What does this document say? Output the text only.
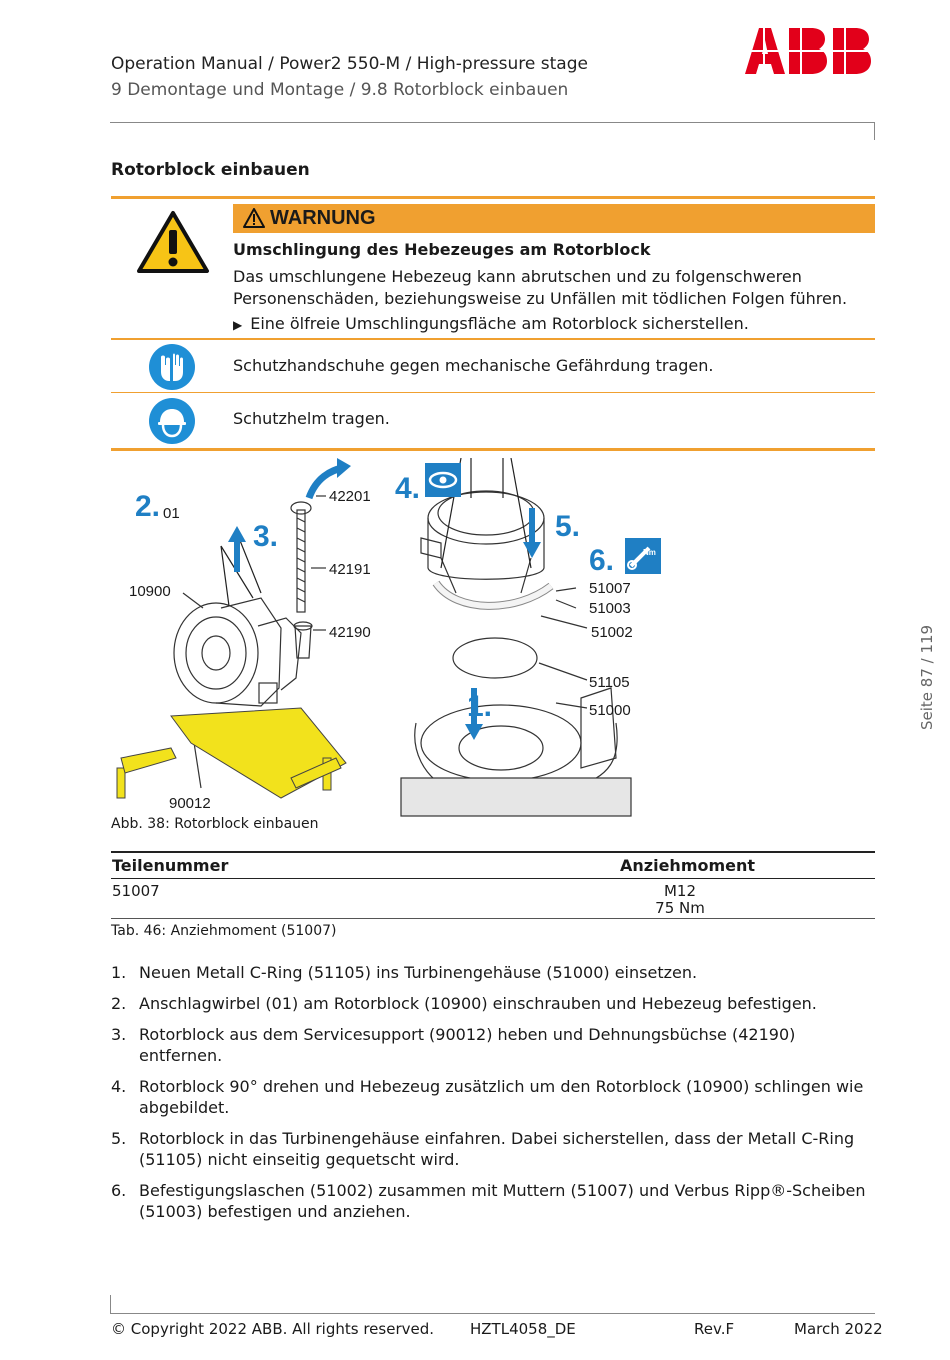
Operation Manual / Power2 550-M / High-pressure stage
9 Demontage und Montage / 9.8 Rotorblock einbauen
Rotorblock einbauen
WARNUNG
Umschlingung des Hebezeuges am Rotorblock
Das umschlungene Hebezeug kann abrutschen und zu folgenschweren Personenschäden, beziehungsweise zu Unfällen mit tödlichen Folgen führen.
▶ Eine ölfreie Umschlingungsfläche am Rotorblock sicherstellen.
Schutzhandschuhe gegen mechanische Gefährdung tragen.
Schutzhelm tragen.
Nm
2.
3.
4.
5.
6.
1.
01
10900
42201
42191
42190
90012
51007
51003
51002
51105
51000
Abb. 38: Rotorblock einbauen
Teilenummer	Anziehmoment
51007	M12
75 Nm
Tab. 46: Anziehmoment (51007)
1. Neuen Metall C-Ring (51105) ins Turbinengehäuse (51000) einsetzen.
2. Anschlagwirbel (01) am Rotorblock (10900) einschrauben und Hebezeug befestigen.
3. Rotorblock aus dem Servicesupport (90012) heben und Dehnungsbüchse (42190) entfernen.
4. Rotorblock 90° drehen und Hebezeug zusätzlich um den Rotorblock (10900) schlingen wie abgebildet.
5. Rotorblock in das Turbinengehäuse einfahren. Dabei sicherstellen, dass der Metall C-Ring (51105) nicht einseitig gequetscht wird.
6. Befestigungslaschen (51002) zusammen mit Muttern (51007) und Verbus Ripp®-Scheiben (51003) befestigen und anziehen.
Seite 87 / 119
© Copyright 2022 ABB. All rights reserved. HZTL4058_DE	Rev.F	March 2022
